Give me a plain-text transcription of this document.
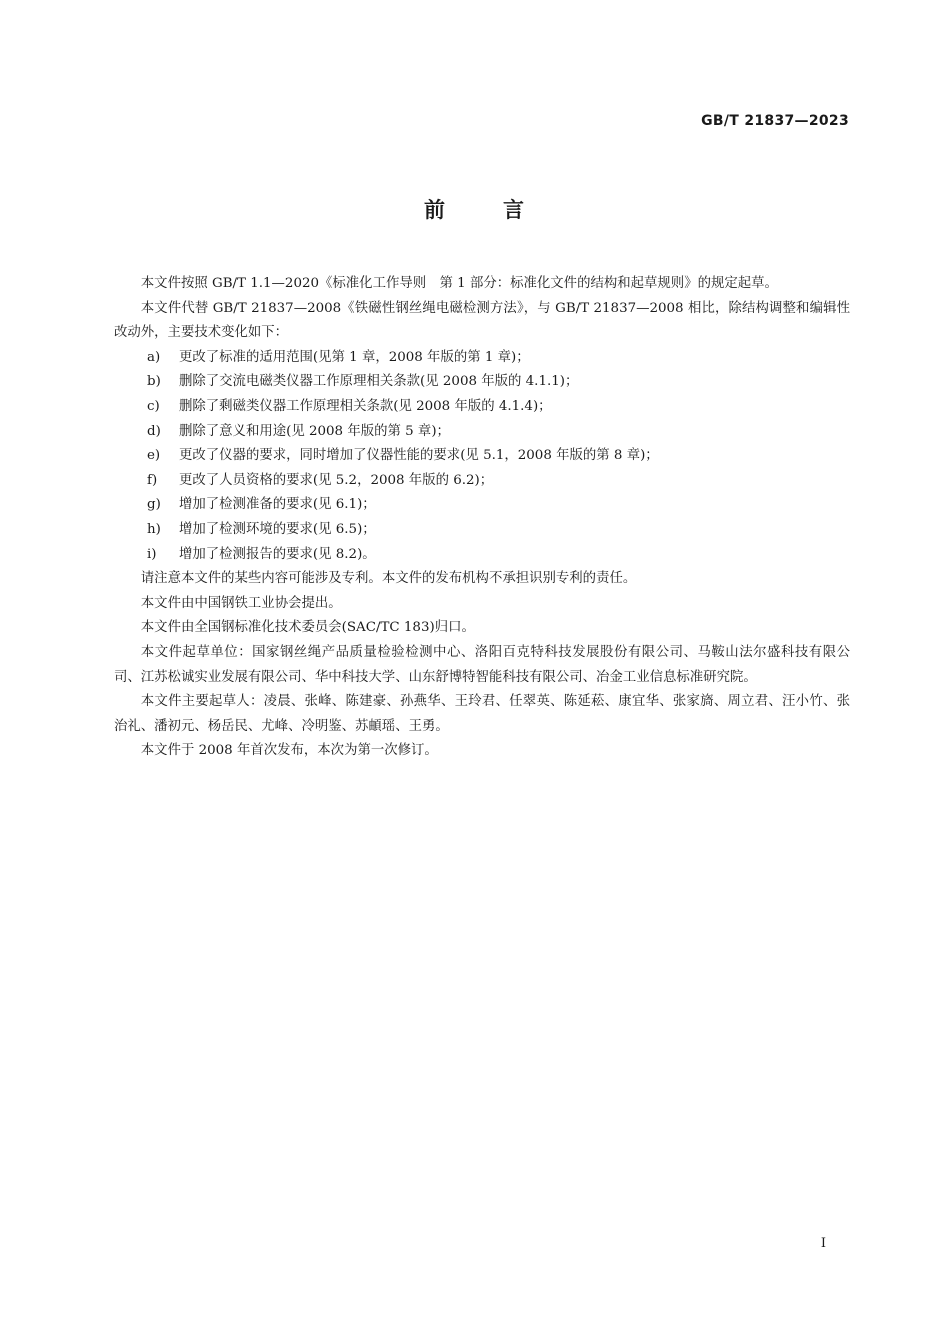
GB/T 21837—2023
前	言

本文件按照 GB/T 1.1—2020《标准化工作导则　第 1 部分：标准化文件的结构和起草规则》的规定起草。

本文件代替 GB/T 21837—2008《铁磁性钢丝绳电磁检测方法》，与 GB/T 21837—2008 相比，除结构调整和编辑性改动外，主要技术变化如下：

a) 更改了标准的适用范围(见第 1 章，2008 年版的第 1 章)；

b) 删除了交流电磁类仪器工作原理相关条款(见 2008 年版的 4.1.1)；

c) 删除了剩磁类仪器工作原理相关条款(见 2008 年版的 4.1.4)；

d) 删除了意义和用途(见 2008 年版的第 5 章)；

e) 更改了仪器的要求，同时增加了仪器性能的要求(见 5.1，2008 年版的第 8 章)；

f) 更改了人员资格的要求(见 5.2，2008 年版的 6.2)；

g) 增加了检测准备的要求(见 6.1)；

h) 增加了检测环境的要求(见 6.5)；

i) 增加了检测报告的要求(见 8.2)。

请注意本文件的某些内容可能涉及专利。本文件的发布机构不承担识别专利的责任。

本文件由中国钢铁工业协会提出。

本文件由全国钢标准化技术委员会(SAC/TC 183)归口。

本文件起草单位：国家钢丝绳产品质量检验检测中心、洛阳百克特科技发展股份有限公司、马鞍山法尔盛科技有限公司、江苏松诚实业发展有限公司、华中科技大学、山东舒博特智能科技有限公司、冶金工业信息标准研究院。

本文件主要起草人：凌晨、张峰、陈建豪、孙燕华、王玲君、任翠英、陈延菘、康宜华、张家旖、周立君、汪小竹、张治礼、潘初元、杨岳民、尤峰、冷明鉴、苏頔瑶、王勇。

本文件于 2008 年首次发布，本次为第一次修订。

I
